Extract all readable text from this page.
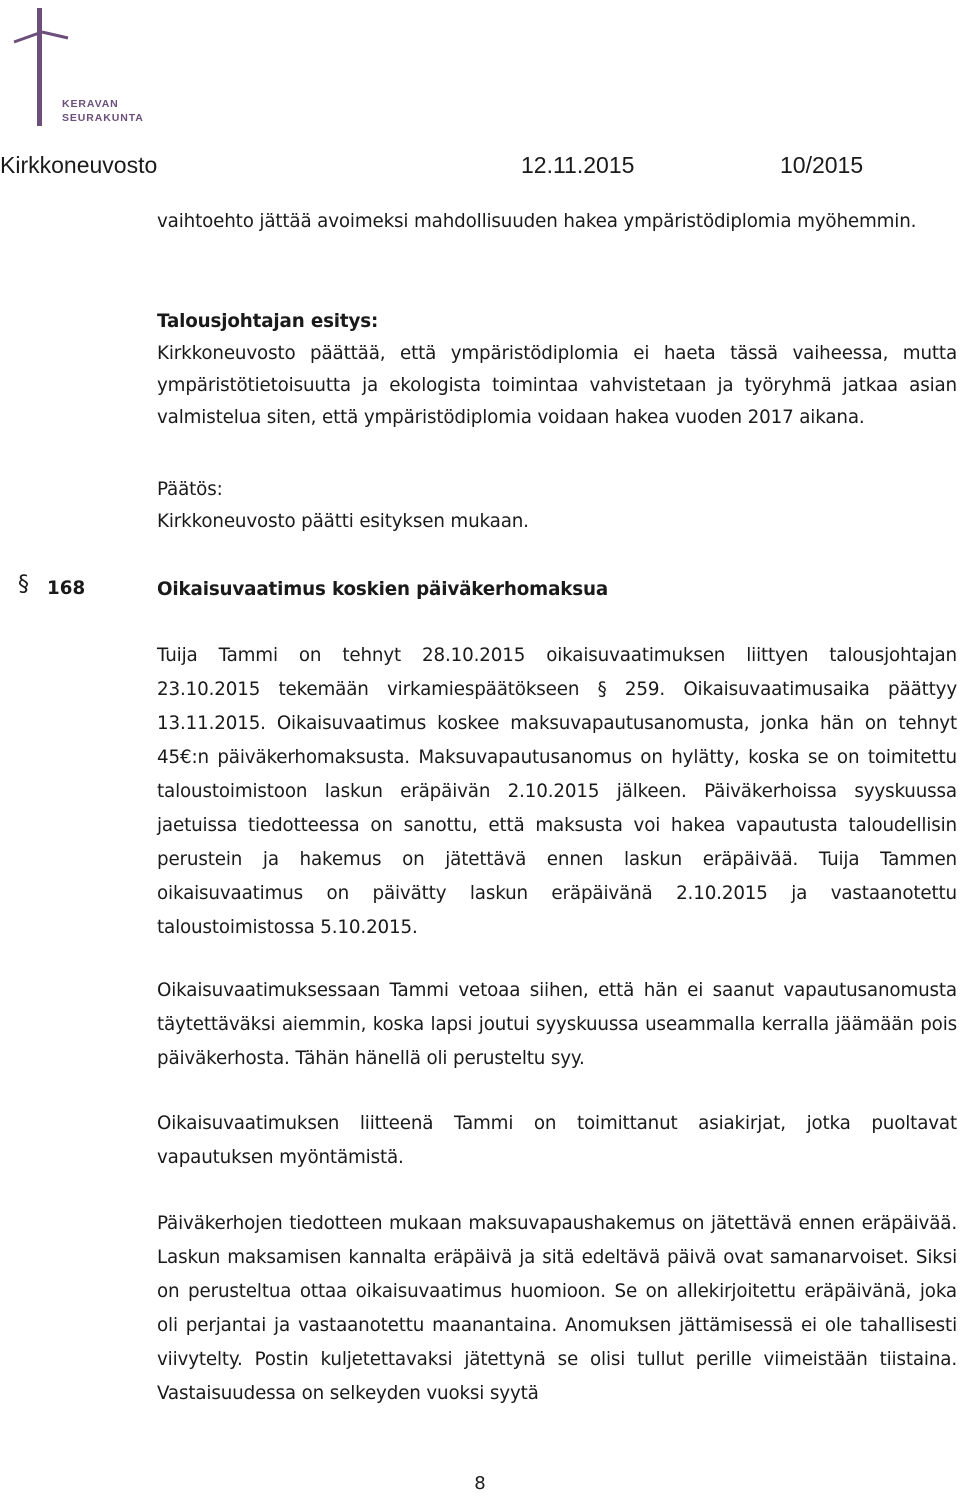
KERAVAN
SEURAKUNTA
Kirkkoneuvosto	12.11.2015	10/2015

vaihtoehto jättää avoimeksi mahdollisuuden hakea ympäristödiplomia myöhemmin.

Talousjohtajan esitys:

Kirkkoneuvosto päättää, että ympäristödiplomia ei haeta tässä vaiheessa, mutta ympäristötietoisuutta ja ekologista toimintaa vahvistetaan ja työryhmä jatkaa asian valmistelua siten, että ympäristödiplomia voidaan hakea vuoden 2017 aikana.

Päätös:

Kirkkoneuvosto päätti esityksen mukaan.

§ 168	Oikaisuvaatimus koskien päiväkerhomaksua

Tuija Tammi on tehnyt 28.10.2015 oikaisuvaatimuksen liittyen talousjohtajan 23.10.2015 tekemään virkamiespäätökseen § 259. Oikaisuvaatimusaika päättyy 13.11.2015. Oikaisuvaatimus koskee maksuvapautusanomusta, jonka hän on tehnyt 45€:n päiväkerhomaksusta. Maksuvapautusanomus on hylätty, koska se on toimitettu taloustoimistoon laskun eräpäivän 2.10.2015 jälkeen. Päiväkerhoissa syyskuussa jaetuissa tiedotteessa on sanottu, että maksusta voi hakea vapautusta taloudellisin perustein ja hakemus on jätettävä ennen laskun eräpäivää. Tuija Tammen oikaisuvaatimus on päivätty laskun eräpäivänä 2.10.2015 ja vastaanotettu taloustoimistossa 5.10.2015.

Oikaisuvaatimuksessaan Tammi vetoaa siihen, että hän ei saanut vapautusanomusta täytettäväksi aiemmin, koska lapsi joutui syyskuussa useammalla kerralla jäämään pois päiväkerhosta. Tähän hänellä oli perusteltu syy.

Oikaisuvaatimuksen liitteenä Tammi on toimittanut asiakirjat, jotka puoltavat vapautuksen myöntämistä.

Päiväkerhojen tiedotteen mukaan maksuvapaushakemus on jätettävä ennen eräpäivää. Laskun maksamisen kannalta eräpäivä ja sitä edeltävä päivä ovat samanarvoiset. Siksi on perusteltua ottaa oikaisuvaatimus huomioon. Se on allekirjoitettu eräpäivänä, joka oli perjantai ja vastaanotettu maanantaina. Anomuksen jättämisessä ei ole tahallisesti viivytelty. Postin kuljetettavaksi jätettynä se olisi tullut perille viimeistään tiistaina. Vastaisuudessa on selkeyden vuoksi syytä

8
